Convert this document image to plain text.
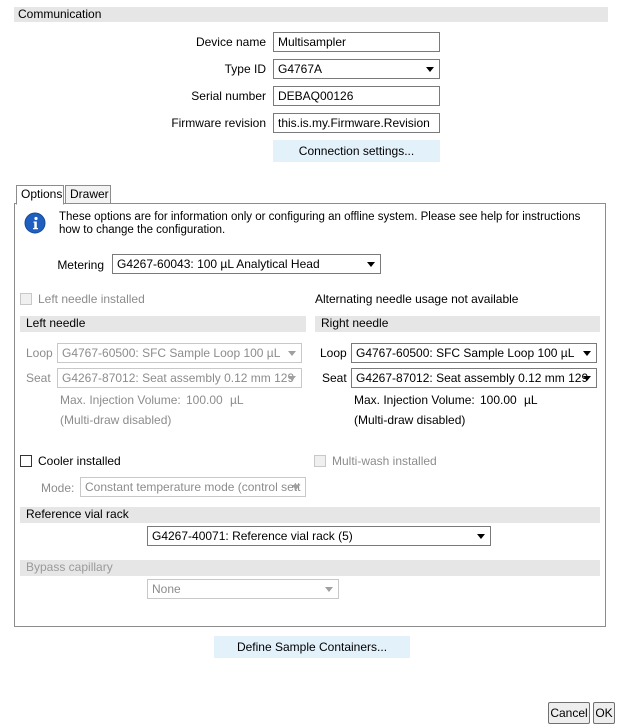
Communication
Device name	Multisampler
Type ID G4767A
Serial number	DEBAQ00126
Firmware revision	this.is.my.Firmware.Revision
Connection settings...
Options Drawer
These options are for information only or configuring an offline system. Please see help for instructions how to change the configuration.
Metering G4267-60043: 100 µL Analytical Head
Left needle installed	Alternating needle usage not available
Left needle
Loop G4767-60500: SFC Sample Loop 100 µL
Seat G4267-87012: Seat assembly 0.12 mm 129
Max. Injection Volume: 100.00 µL
(Multi-draw disabled)
Right needle
Loop G4767-60500: SFC Sample Loop 100 µL
Seat G4267-87012: Seat assembly 0.12 mm 129
Max. Injection Volume: 100.00 µL
(Multi-draw disabled)
Cooler installed	Multi-wash installed
Mode: Constant temperature mode (control sett
Reference vial rack
G4267-40071: Reference vial rack (5)
Bypass capillary
None
Define Sample Containers...
Cancel OK
